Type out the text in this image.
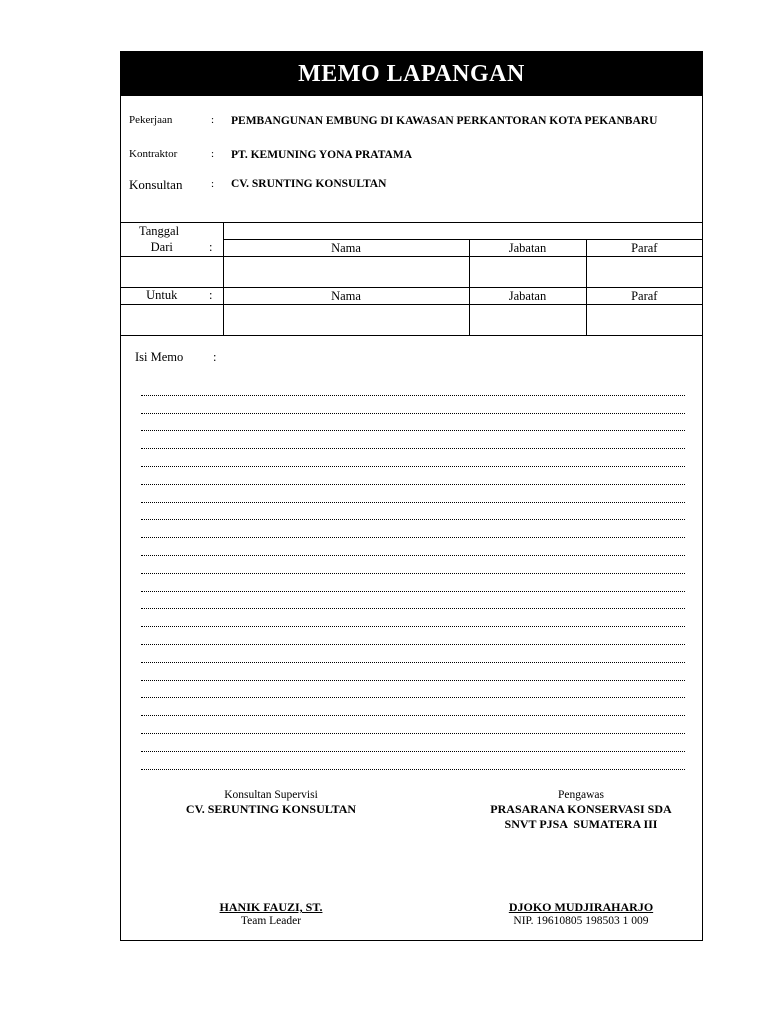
MEMO LAPANGAN
Pekerjaan	: PEMBANGUNAN EMBUNG DI KAWASAN PERKANTORAN KOTA PEKANBARU
Kontraktor	: PT. KEMUNING YONA PRATAMA
Konsultan	: CV. SRUNTING KONSULTAN
Tanggal			

Dari :	Nama	Jabatan	Paraf

Untuk :	Nama	Jabatan	Paraf

Isi Memo :
Konsultan Supervisi
CV. SERUNTING KONSULTAN
HANIK FAUZI, ST.
Team Leader
Pengawas
PRASARANA KONSERVASI SDA
SNVT PJSA  SUMATERA III
DJOKO MUDJIRAHARJO
NIP. 19610805 198503 1 009
